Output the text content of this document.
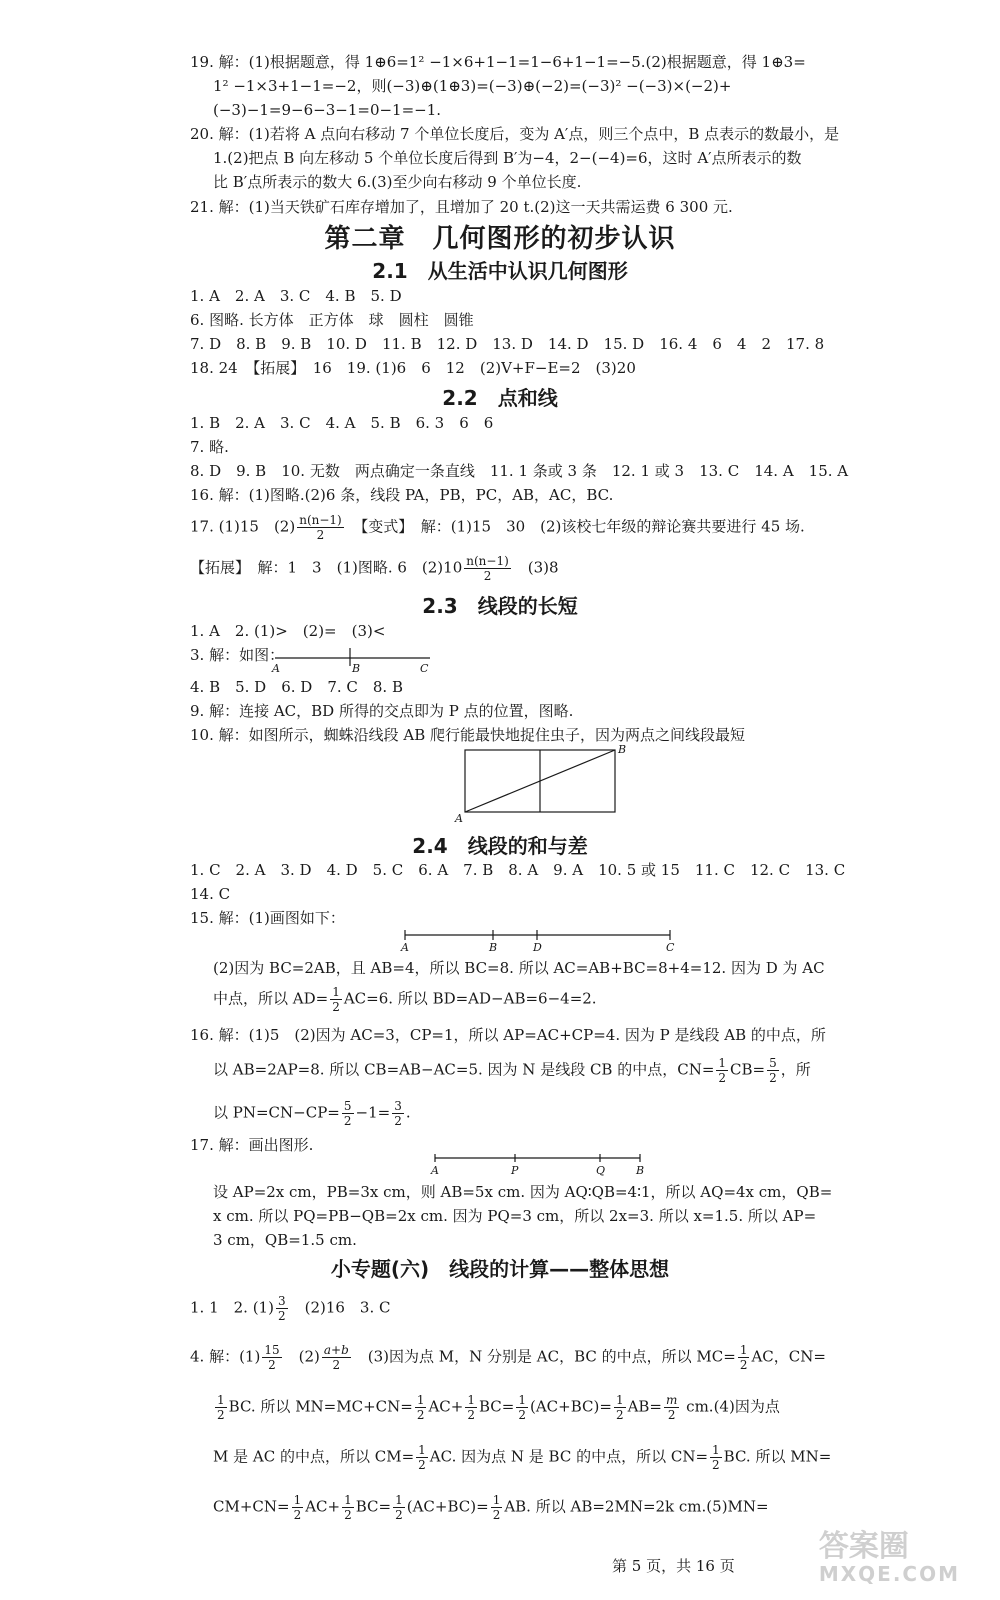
19. 解：(1)根据题意，得 1⊕6=1² −1×6+1−1=1−6+1−1=−5.(2)根据题意，得 1⊕3=
1² −1×3+1−1=−2，则(−3)⊕(1⊕3)=(−3)⊕(−2)=(−3)² −(−3)×(−2)+
(−3)−1=9−6−3−1=0−1=−1.
20. 解：(1)若将 A 点向右移动 7 个单位长度后，变为 A′点，则三个点中，B 点表示的数最小，是
1.(2)把点 B 向左移动 5 个单位长度后得到 B′为−4，2−(−4)=6，这时 A′点所表示的数
比 B′点所表示的数大 6.(3)至少向右移动 9 个单位长度.
21. 解：(1)当天铁矿石库存增加了，且增加了 20 t.(2)这一天共需运费 6 300 元.
第二章　几何图形的初步认识
2.1　从生活中认识几何图形
1. A　2. A　3. C　4. B　5. D
6. 图略. 长方体　正方体　球　圆柱　圆锥
7. D　8. B　9. B　10. D　11. B　12. D　13. D　14. D　15. D　16. 4　6　4　2　17. 8
18. 24　【拓展】　16　19. (1)6　6　12　(2)V+F−E=2　(3)20
2.2　点和线
1. B　2. A　3. C　4. A　5. B　6. 3　6　6
7. 略.
8. D　9. B　10. 无数　两点确定一条直线　11. 1 条或 3 条　12. 1 或 3　13. C　14. A　15. A
16. 解：(1)图略.(2)6 条，线段 PA，PB，PC，AB，AC，BC.
17. (1)15　$(2) \frac{n(n-1)}{2}$ 　【变式】　解：(1)15　30　(2)该校七年级的辩论赛共要进行 45 场.
【拓展】　解：1　3　(1)图略. 6　$(2)10 \frac{n(n-1)}{2}$ 　(3)8
2.3　线段的长短
1. A　2. (1)>　(2)=　(3)<
3. 解：如图：
A	B	C
4. B　5. D　6. D　7. C　8. B
9. 解：连接 AC，BD 所得的交点即为 P 点的位置，图略.
10. 解：如图所示，蜘蛛沿线段 AB 爬行能最快地捉住虫子，因为两点之间线段最短
A
B
2.4　线段的和与差
1. C　2. A　3. D　4. D　5. C　6. A　7. B　8. A　9. A　10. 5 或 15　11. C　12. C　13. C
14. C
15. 解：(1)画图如下：
A	B	D	C
(2)因为 BC=2AB，且 AB=4，所以 BC=8. 所以 AC=AB+BC=8+4=12. 因为 D 为 AC
中点，所以 $AD= \frac{1}{2} AC=6$. 所以 BD=AD−AB=6−4=2.
16. 解：(1)5　(2)因为 AC=3，CP=1，所以 AP=AC+CP=4. 因为 P 是线段 AB 的中点，所
以 AB=2AP=8. 所以 CB=AB−AC=5. 因为 N 是线段 CB 的中点，$CN= \frac{1}{2} CB= \frac{5}{2}$ ，所
以 $PN=CN-CP= \frac{5}{2} -1= \frac{3}{2}$ .
17. 解：画出图形.
A	P	Q	B
设 AP=2x cm，PB=3x cm，则 AB=5x cm. 因为 AQ∶QB=4∶1，所以 AQ=4x cm，QB=
x cm. 所以 PQ=PB−QB=2x cm. 因为 PQ=3 cm，所以 2x=3. 所以 x=1.5. 所以 AP=
3 cm，QB=1.5 cm.
小专题(六)　线段的计算——整体思想
1. 1　2. $(1) \frac{3}{2}$ 　(2)16　3. C
4. 解：$(1) \frac{15}{2}$ 　$(2) \frac{a+b}{2}$ 　(3)因为点 M，N 分别是 AC，BC 的中点，所以 $MC= \frac{1}{2}$ AC，CN=
$\frac{1}{2}$ BC. 所以 $MN=MC+CN= \frac{1}{2} AC+ \frac{1}{2} BC= \frac{1}{2} (AC+BC)= \frac{1}{2} AB= \frac{m}{2} cm.(4)$因为点
M 是 AC 的中点，所以 $CM= \frac{1}{2}$ AC. 因为点 N 是 BC 的中点，所以 $CN= \frac{1}{2}$ BC. 所以 MN=
$CM+CN= \frac{1}{2} AC+ \frac{1}{2} BC= \frac{1}{2} (AC+BC)= \frac{1}{2}$ AB. 所以 AB=2MN=2k cm.(5)MN=
第 5 页，共 16 页
答案圈
MXQE.COM
